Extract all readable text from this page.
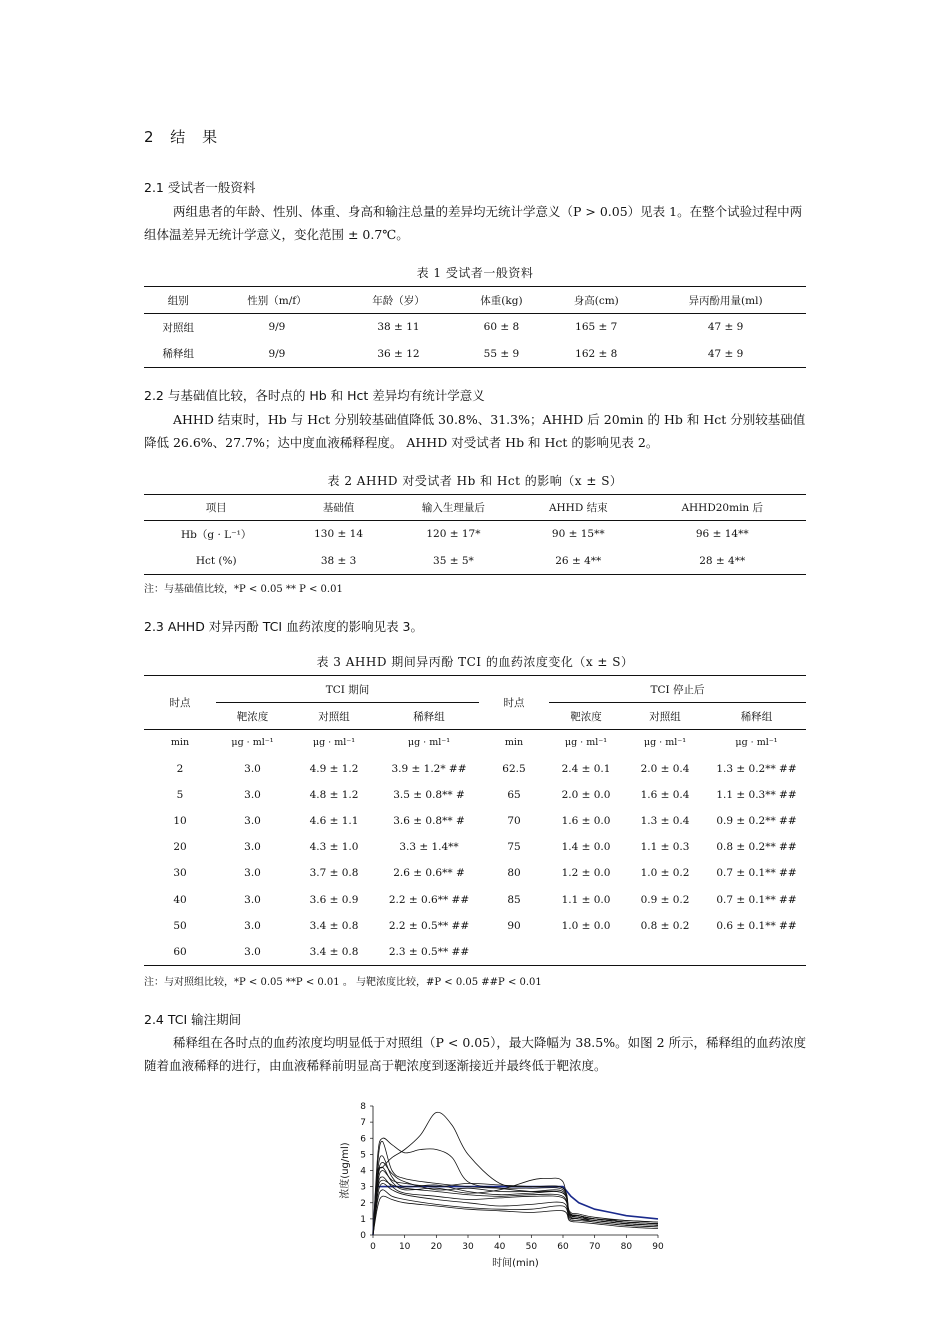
2 结 果
2.1 受试者一般资料
两组患者的年龄、性别、体重、身高和输注总量的差异均无统计学意义（P > 0.05）见表 1。在整个试验过程中两组体温差异无统计学意义，变化范围 ± 0.7℃。
表 1 受试者一般资料
组别	性别（m/f）	年龄（岁）	体重(kg)	身高(cm)	异丙酚用量(ml)
对照组	9/9	38 ± 11	60 ± 8	165 ± 7	47 ± 9
稀释组	9/9	36 ± 12	55 ± 9	162 ± 8	47 ± 9
2.2 与基础值比较，各时点的 Hb 和 Hct 差异均有统计学意义
AHHD 结束时，Hb 与 Hct 分别较基础值降低 30.8%、31.3%；AHHD 后 20min 的 Hb 和 Hct 分别较基础值降低 26.6%、27.7%；达中度血液稀释程度。 AHHD 对受试者 Hb 和 Hct 的影响见表 2。
表 2 AHHD 对受试者 Hb 和 Hct 的影响（x ± S）
项目	基础值	输入生理量后	AHHD 结束	AHHD20min 后
Hb（g · L⁻¹）	130 ± 14	120 ± 17*	90 ± 15**	96 ± 14**
Hct (%)	38 ± 3	35 ± 5*	26 ± 4**	28 ± 4**
注：与基础值比较，*P < 0.05 ** P < 0.01
2.3 AHHD 对异丙酚 TCI 血药浓度的影响见表 3。
表 3 AHHD 期间异丙酚 TCI 的血药浓度变化（x ± S）
时点	TCI 期间			时点	TCI 停止后		
	靶浓度	对照组	稀释组		靶浓度	对照组	稀释组
min	μg · ml⁻¹	μg · ml⁻¹	μg · ml⁻¹	min	μg · ml⁻¹	μg · ml⁻¹	μg · ml⁻¹
2	3.0	4.9 ± 1.2	3.9 ± 1.2* ##	62.5	2.4 ± 0.1	2.0 ± 0.4	1.3 ± 0.2** ##
5	3.0	4.8 ± 1.2	3.5 ± 0.8** #	65	2.0 ± 0.0	1.6 ± 0.4	1.1 ± 0.3** ##
10	3.0	4.6 ± 1.1	3.6 ± 0.8** #	70	1.6 ± 0.0	1.3 ± 0.4	0.9 ± 0.2** ##
20	3.0	4.3 ± 1.0	3.3 ± 1.4**	75	1.4 ± 0.0	1.1 ± 0.3	0.8 ± 0.2** ##
30	3.0	3.7 ± 0.8	2.6 ± 0.6** #	80	1.2 ± 0.0	1.0 ± 0.2	0.7 ± 0.1** ##
40	3.0	3.6 ± 0.9	2.2 ± 0.6** ##	85	1.1 ± 0.0	0.9 ± 0.2	0.7 ± 0.1** ##
50	3.0	3.4 ± 0.8	2.2 ± 0.5** ##	90	1.0 ± 0.0	0.8 ± 0.2	0.6 ± 0.1** ##
60	3.0	3.4 ± 0.8	2.3 ± 0.5** ##				
注：与对照组比较，*P < 0.05 **P < 0.01 。 与靶浓度比较，#P < 0.05 ##P < 0.01
2.4 TCI 输注期间
稀释组在各时点的血药浓度均明显低于对照组（P < 0.05），最大降幅为 38.5%。如图 2 所示，稀释组的血药浓度随着血液稀释的进行，由血液稀释前明显高于靶浓度到逐渐接近并最终低于靶浓度。
0	10 20 30 40 50 60 70 80 90
0
1
2
3
4
5
6
7
8
时间(min)
浓度(ug/ml)
